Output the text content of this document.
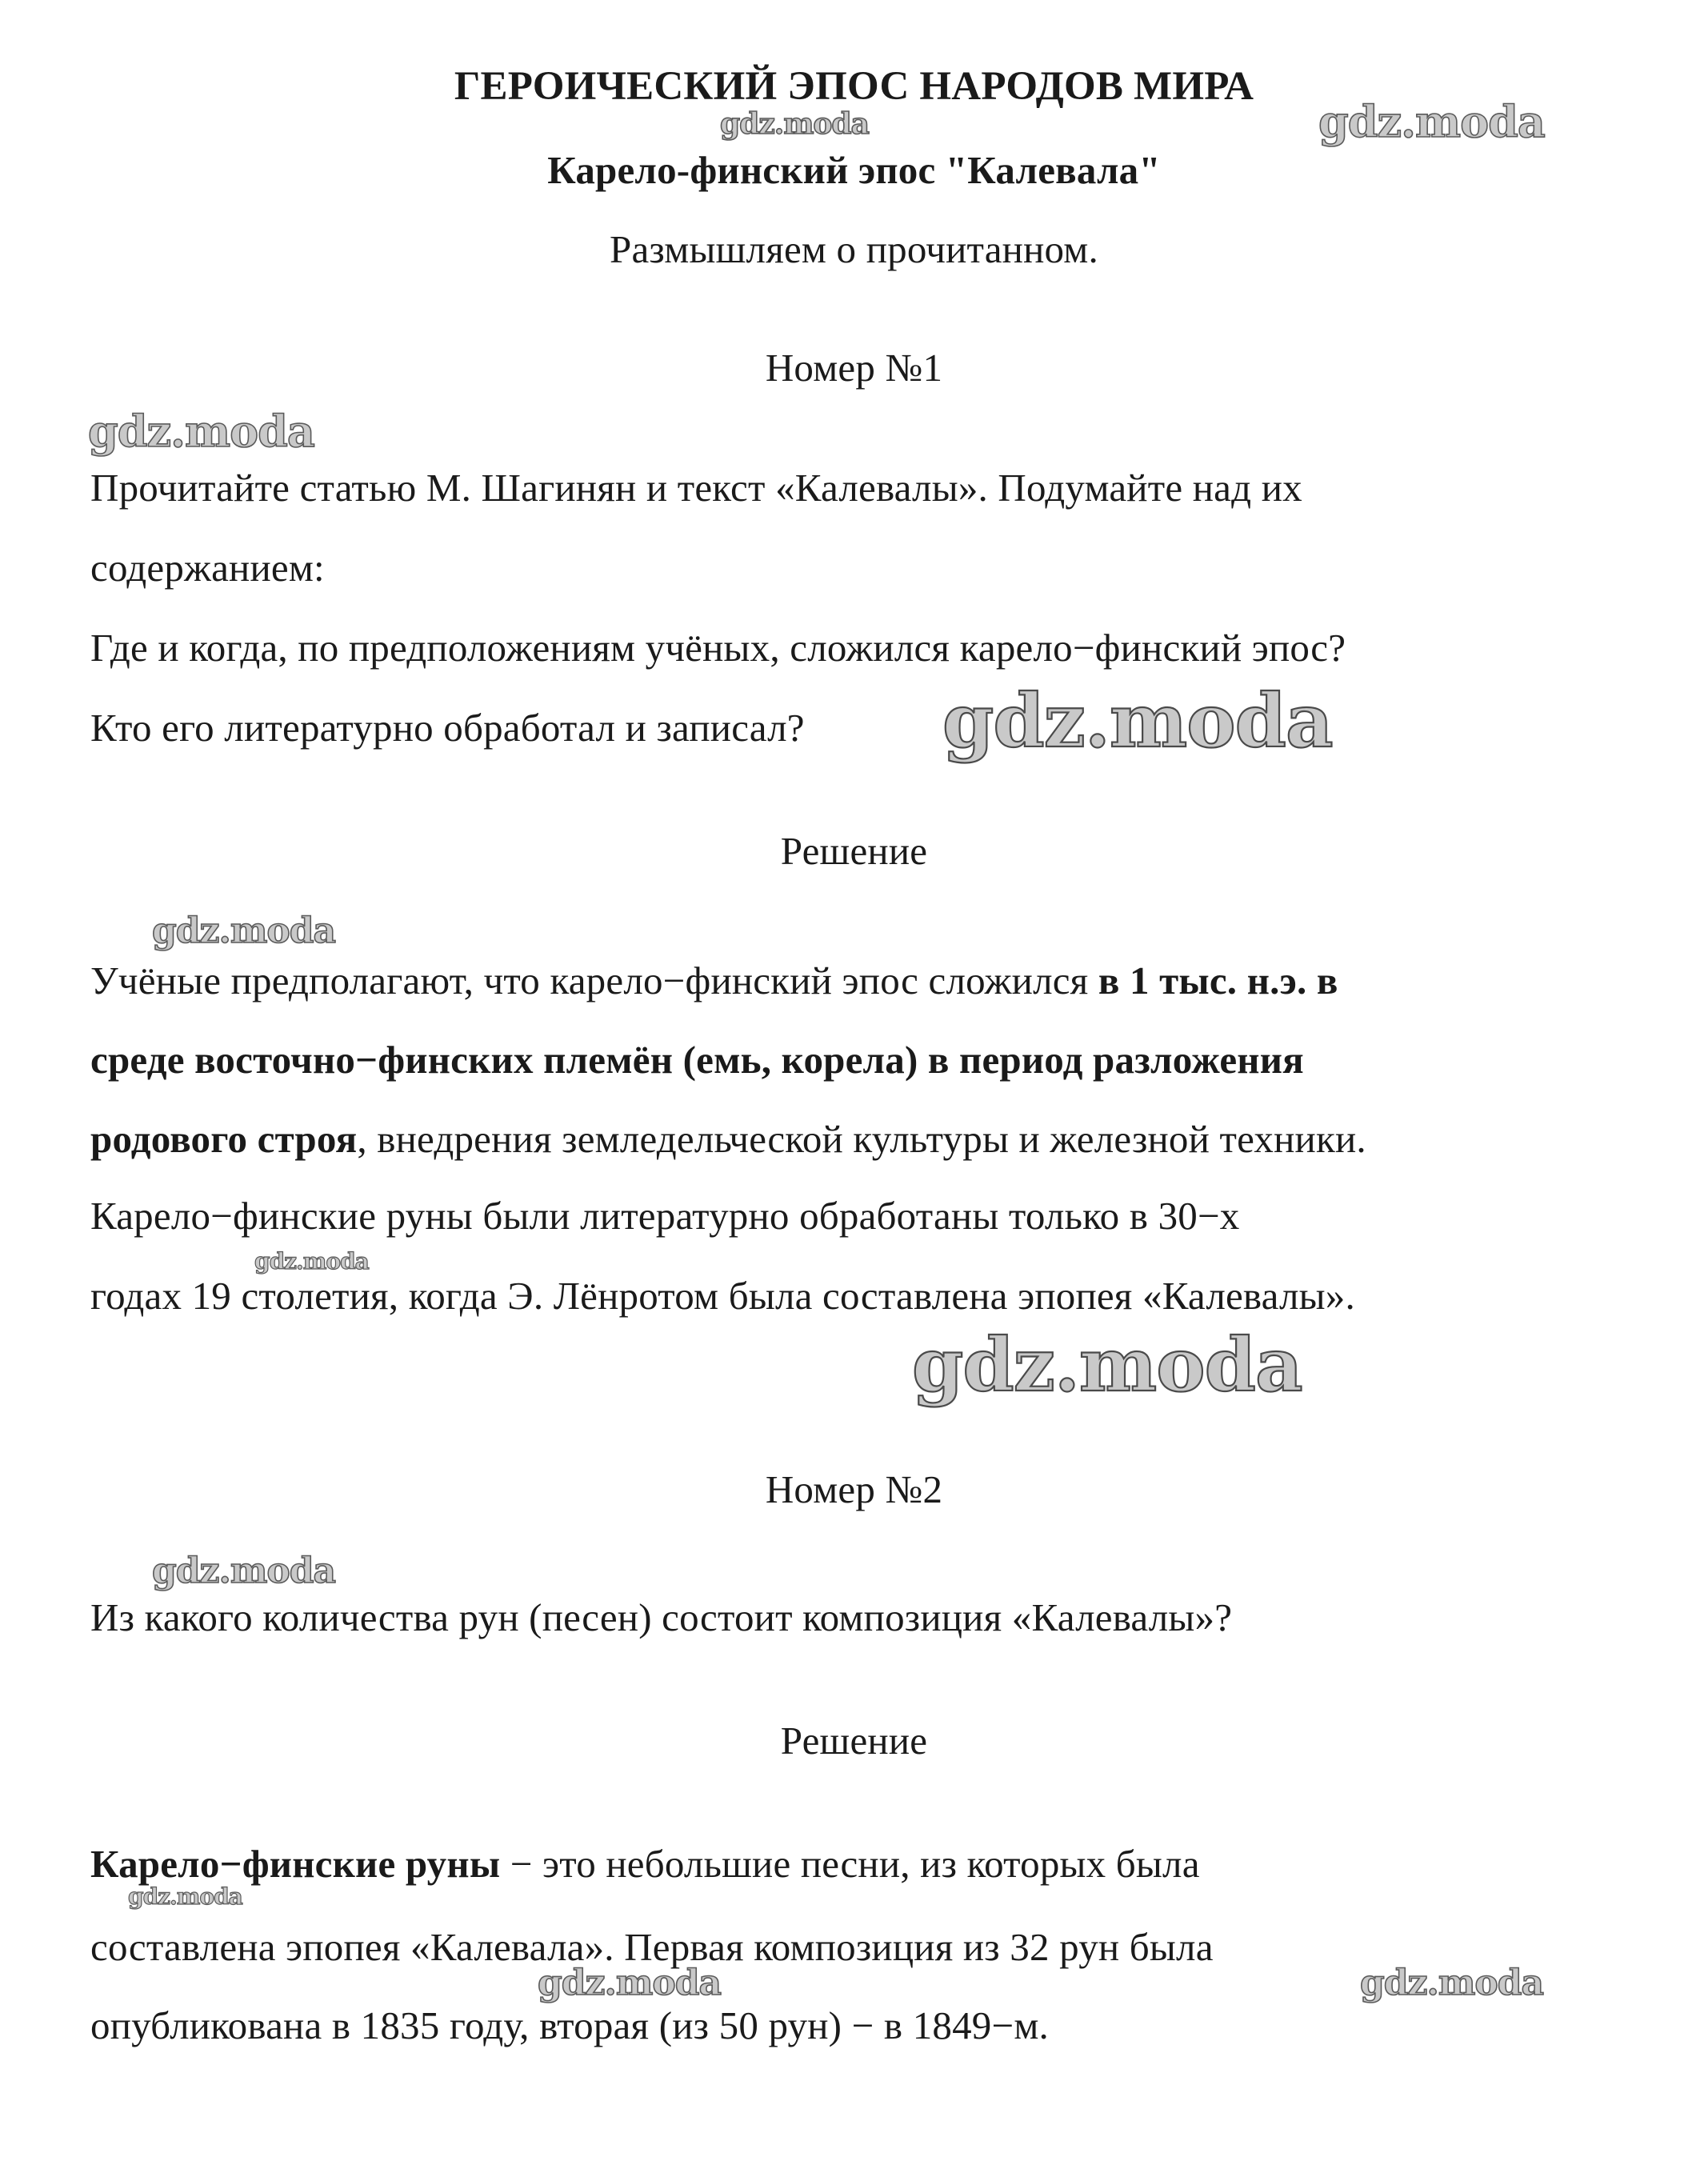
ГЕРОИЧЕСКИЙ ЭПОС НАРОДОВ МИРА
Карело-финский эпос "Калевала"
Размышляем о прочитанном.
Номер №1
Прочитайте статью М. Шагинян и текст «Калевалы». Подумайте над их
содержанием:
Где и когда, по предположениям учёных, сложился карело−финский эпос?
Кто его литературно обработал и записал?
Решение
Учёные предполагают, что карело−финский эпос сложился в 1 тыс. н.э. в
среде восточно−финских племён (емь, корела) в период разложения
родового строя, внедрения земледельческой культуры и железной техники.
Карело−финские руны были литературно обработаны только в 30−х
годах 19 столетия, когда Э. Лёнротом была составлена эпопея «Калевалы».
Номер №2
Из какого количества рун (песен) состоит композиция «Калевалы»?
Решение
Карело−финские руны − это небольшие песни, из которых была
составлена эпопея «Калевала». Первая композиция из 32 рун была
опубликована в 1835 году, вторая (из 50 рун) − в 1849−м.
gdz.moda	gdz.moda
gdz.moda
gdz.moda
gdz.moda
gdz.moda
gdz.moda
gdz.moda
gdz.moda
gdz.moda	gdz.moda
